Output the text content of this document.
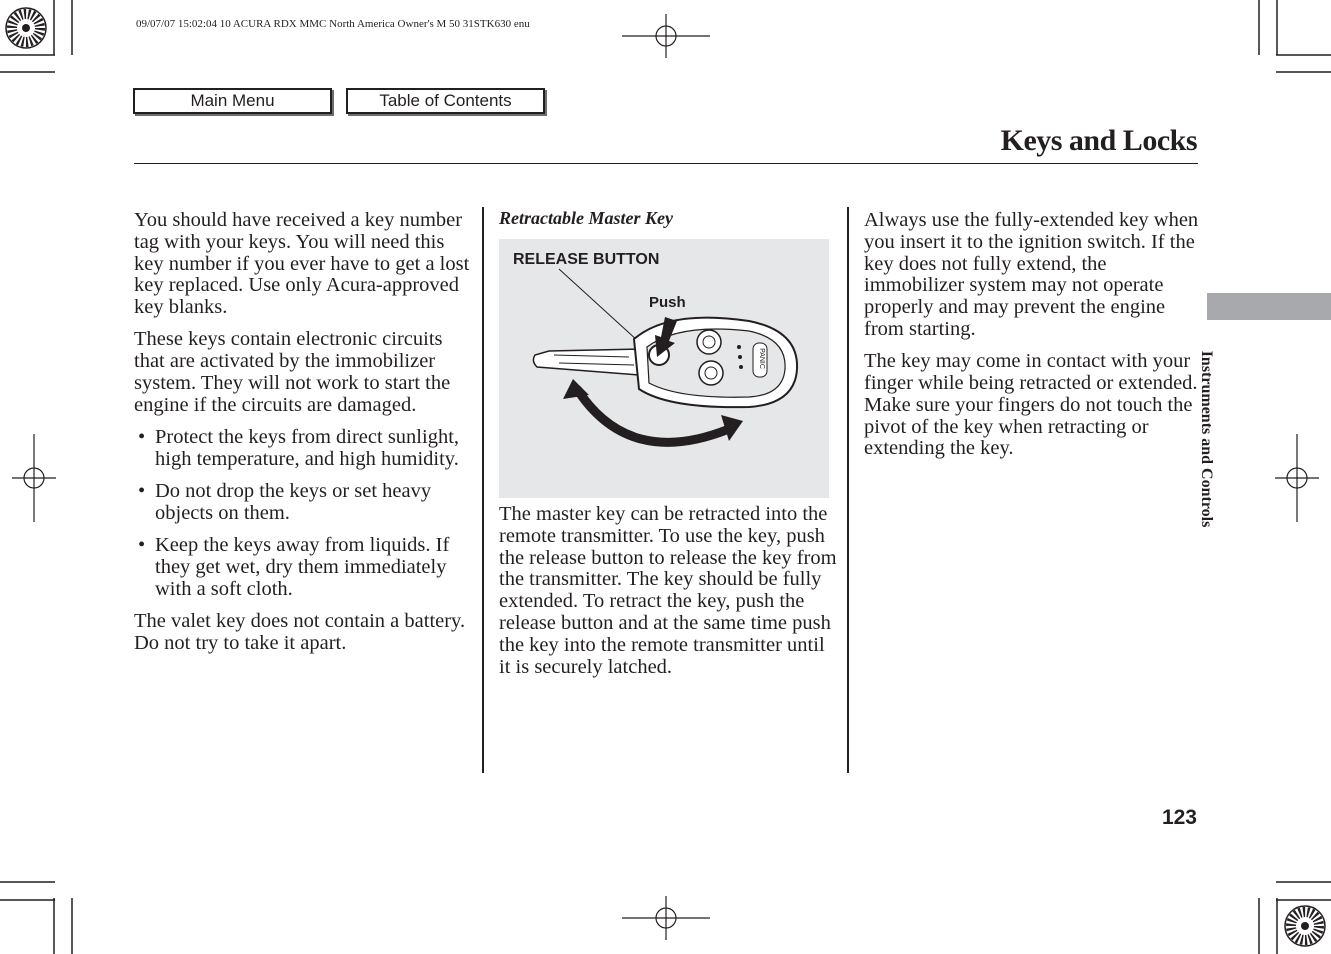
09/07/07 15:02:04 10 ACURA RDX MMC North America Owner's M 50 31STK630 enu
Main Menu	Table of Contents
Keys and Locks

You should have received a key number tag with your keys. You will need this key number if you ever have to get a lost key replaced. Use only Acura-approved key blanks.

These keys contain electronic circuits that are activated by the immobilizer system. They will not work to start the engine if the circuits are damaged.

• Protect the keys from direct sunlight, high temperature, and high humidity.
• Do not drop the keys or set heavy objects on them.
• Keep the keys away from liquids. If they get wet, dry them immediately with a soft cloth.

The valet key does not contain a battery. Do not try to take it apart.

Retractable Master Key

RELEASE BUTTON
Push
PANIC

The master key can be retracted into the remote transmitter. To use the key, push the release button to release the key from the transmitter. The key should be fully extended. To retract the key, push the release button and at the same time push the key into the remote transmitter until it is securely latched.

Always use the fully-extended key when you insert it to the ignition switch. If the key does not fully extend, the immobilizer system may not operate properly and may prevent the engine from starting.

The key may come in contact with your finger while being retracted or extended. Make sure your fingers do not touch the pivot of the key when retracting or extending the key.	Instruments and Controls
123
